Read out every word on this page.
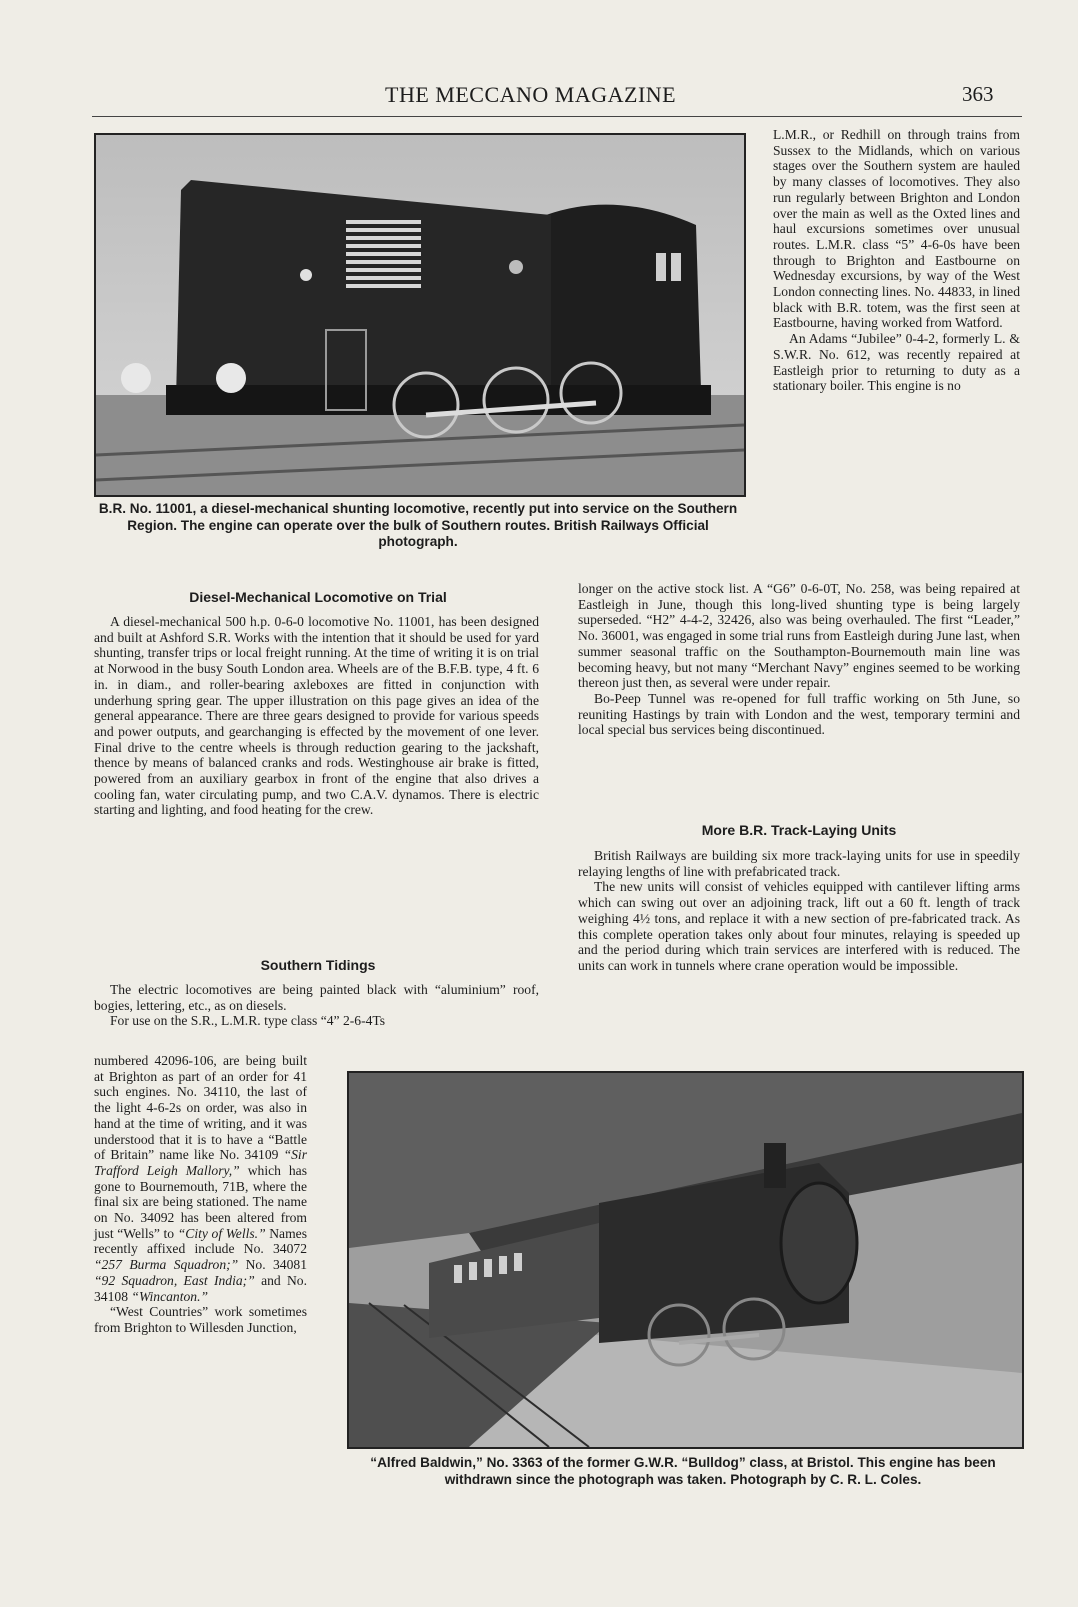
THE MECCANO MAGAZINE	363
B.R. No. 11001, a diesel-mechanical shunting locomotive, recently put into service on the Southern Region. The engine can operate over the bulk of Southern routes. British Railways Official photograph.

L.M.R., or Redhill on through trains from Sussex to the Midlands, which on various stages over the Southern system are hauled by many classes of locomotives. They also run regularly between Brighton and London over the main as well as the Oxted lines and haul excursions sometimes over unusual routes. L.M.R. class “5” 4-6-0s have been through to Brighton and Eastbourne on Wednesday excursions, by way of the West London connecting lines. No. 44833, in lined black with B.R. totem, was the first seen at Eastbourne, having worked from Watford.

An Adams “Jubilee” 0-4-2, formerly L. & S.W.R. No. 612, was recently repaired at Eastleigh prior to returning to duty as a stationary boiler. This engine is no

longer on the active stock list. A “G6” 0-6-0T, No. 258, was being repaired at Eastleigh in June, though this long-lived shunting type is being largely superseded. “H2” 4-4-2, 32426, also was being overhauled. The first “Leader,” No. 36001, was engaged in some trial runs from Eastleigh during June last, when summer seasonal traffic on the Southampton-Bournemouth main line was becoming heavy, but not many “Merchant Navy” engines seemed to be working thereon just then, as several were under repair.

Bo-Peep Tunnel was re-opened for full traffic working on 5th June, so reuniting Hastings by train with London and the west, temporary termini and local special bus services being discontinued.

More B.R. Track-Laying Units

British Railways are building six more track-laying units for use in speedily relaying lengths of line with prefabricated track.

The new units will consist of vehicles equipped with cantilever lifting arms which can swing out over an adjoining track, lift out a 60 ft. length of track weighing 4½ tons, and replace it with a new section of pre-fabricated track. As this complete operation takes only about four minutes, relaying is speeded up and the period during which train services are interfered with is reduced. The units can work in tunnels where crane operation would be impossible.

Diesel-Mechanical Locomotive on Trial

A diesel-mechanical 500 h.p. 0-6-0 locomotive No. 11001, has been designed and built at Ashford S.R. Works with the intention that it should be used for yard shunting, transfer trips or local freight running. At the time of writing it is on trial at Norwood in the busy South London area. Wheels are of the B.F.B. type, 4 ft. 6 in. in diam., and roller-bearing axleboxes are fitted in conjunction with underhung spring gear. The upper illustration on this page gives an idea of the general appearance. There are three gears designed to provide for various speeds and power outputs, and gearchanging is effected by the movement of one lever. Final drive to the centre wheels is through reduction gearing to the jackshaft, thence by means of balanced cranks and rods. Westinghouse air brake is fitted, powered from an auxiliary gearbox in front of the engine that also drives a cooling fan, water circulating pump, and two C.A.V. dynamos. There is electric starting and lighting, and food heating for the crew.

Southern Tidings

The electric locomotives are being painted black with “aluminium” roof, bogies, lettering, etc., as on diesels.

For use on the S.R., L.M.R. type class “4” 2-6-4Ts

numbered 42096-106, are being built at Brighton as part of an order for 41 such engines. No. 34110, the last of the light 4-6-2s on order, was also in hand at the time of writing, and it was understood that it is to have a “Battle of Britain” name like No. 34109 “Sir Trafford Leigh Mallory,” which has gone to Bournemouth, 71B, where the final six are being stationed. The name on No. 34092 has been altered from just “Wells” to “City of Wells.” Names recently affixed include No. 34072 “257 Burma Squadron;” No. 34081 “92 Squadron, East India;” and No. 34108 “Wincanton.”

“West Countries” work sometimes from Brighton to Willesden Junction,

“Alfred Baldwin,” No. 3363 of the former G.W.R. “Bulldog” class, at Bristol. This engine has been withdrawn since the photograph was taken. Photograph by C. R. L. Coles.
